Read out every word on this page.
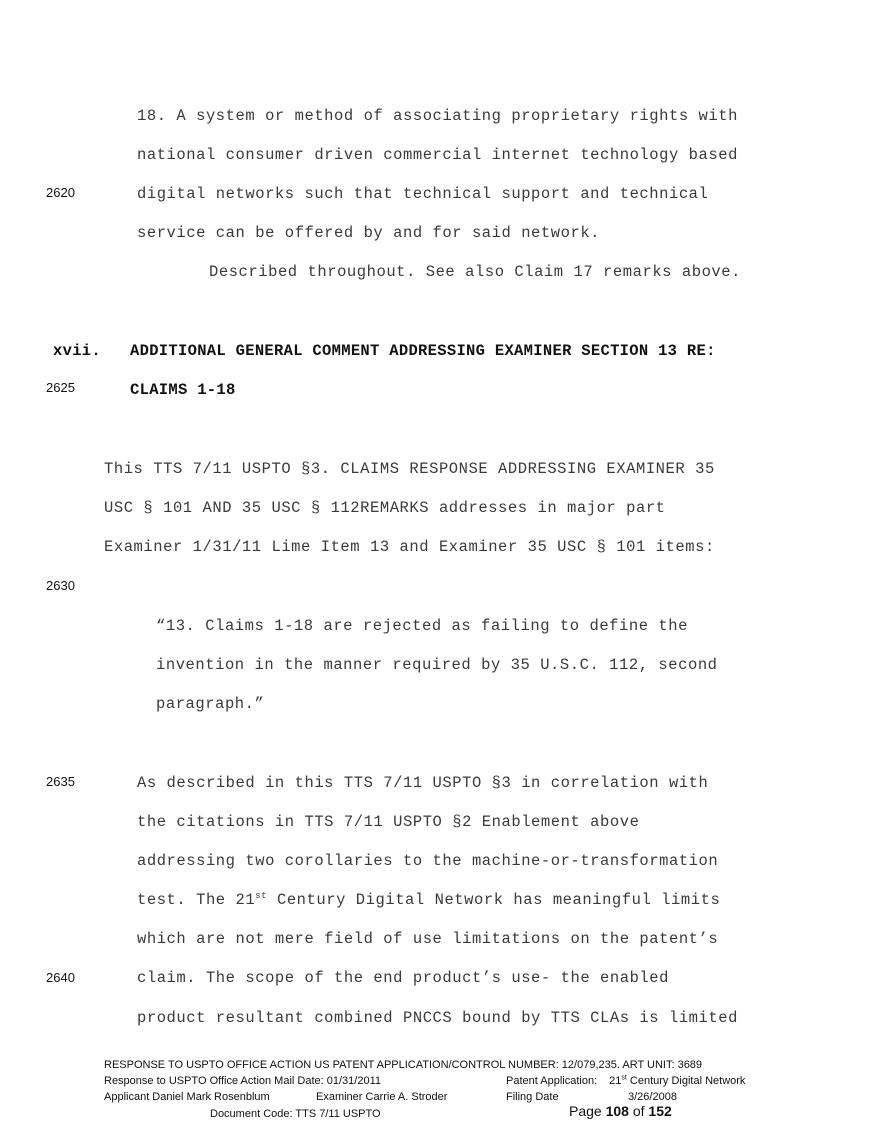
18. A system or method of associating proprietary rights with
national consumer driven commercial internet technology based
2620	digital networks such that technical support and technical
service can be offered by and for said network.
Described throughout. See also Claim 17 remarks above.
xvii. ADDITIONAL GENERAL COMMENT ADDRESSING EXAMINER SECTION 13 RE:
2625	CLAIMS 1-18
This TTS 7/11 USPTO §3. CLAIMS RESPONSE ADDRESSING EXAMINER 35
USC § 101 AND 35 USC § 112REMARKS addresses in major part
Examiner 1/31/11 Lime Item 13 and Examiner 35 USC § 101 items:
2630
“13. Claims 1-18 are rejected as failing to define the
invention in the manner required by 35 U.S.C. 112, second
paragraph.”
2635	As described in this TTS 7/11 USPTO §3 in correlation with
the citations in TTS 7/11 USPTO §2 Enablement above
addressing two corollaries to the machine-or-transformation
test. The 21st Century Digital Network has meaningful limits
which are not mere field of use limitations on the patent’s
2640	claim. The scope of the end product’s use- the enabled
product resultant combined PNCCS bound by TTS CLAs is limited
RESPONSE TO USPTO OFFICE ACTION US PATENT APPLICATION/CONTROL NUMBER: 12/079,235. ART UNIT: 3689
Response to USPTO Office Action Mail Date: 01/31/2011	Patent Application: 21st Century Digital Network
Applicant Daniel Mark Rosenblum	Examiner Carrie A. Stroder	Filing Date	3/26/2008
Document Code: TTS 7/11 USPTO	Page 108 of 152
